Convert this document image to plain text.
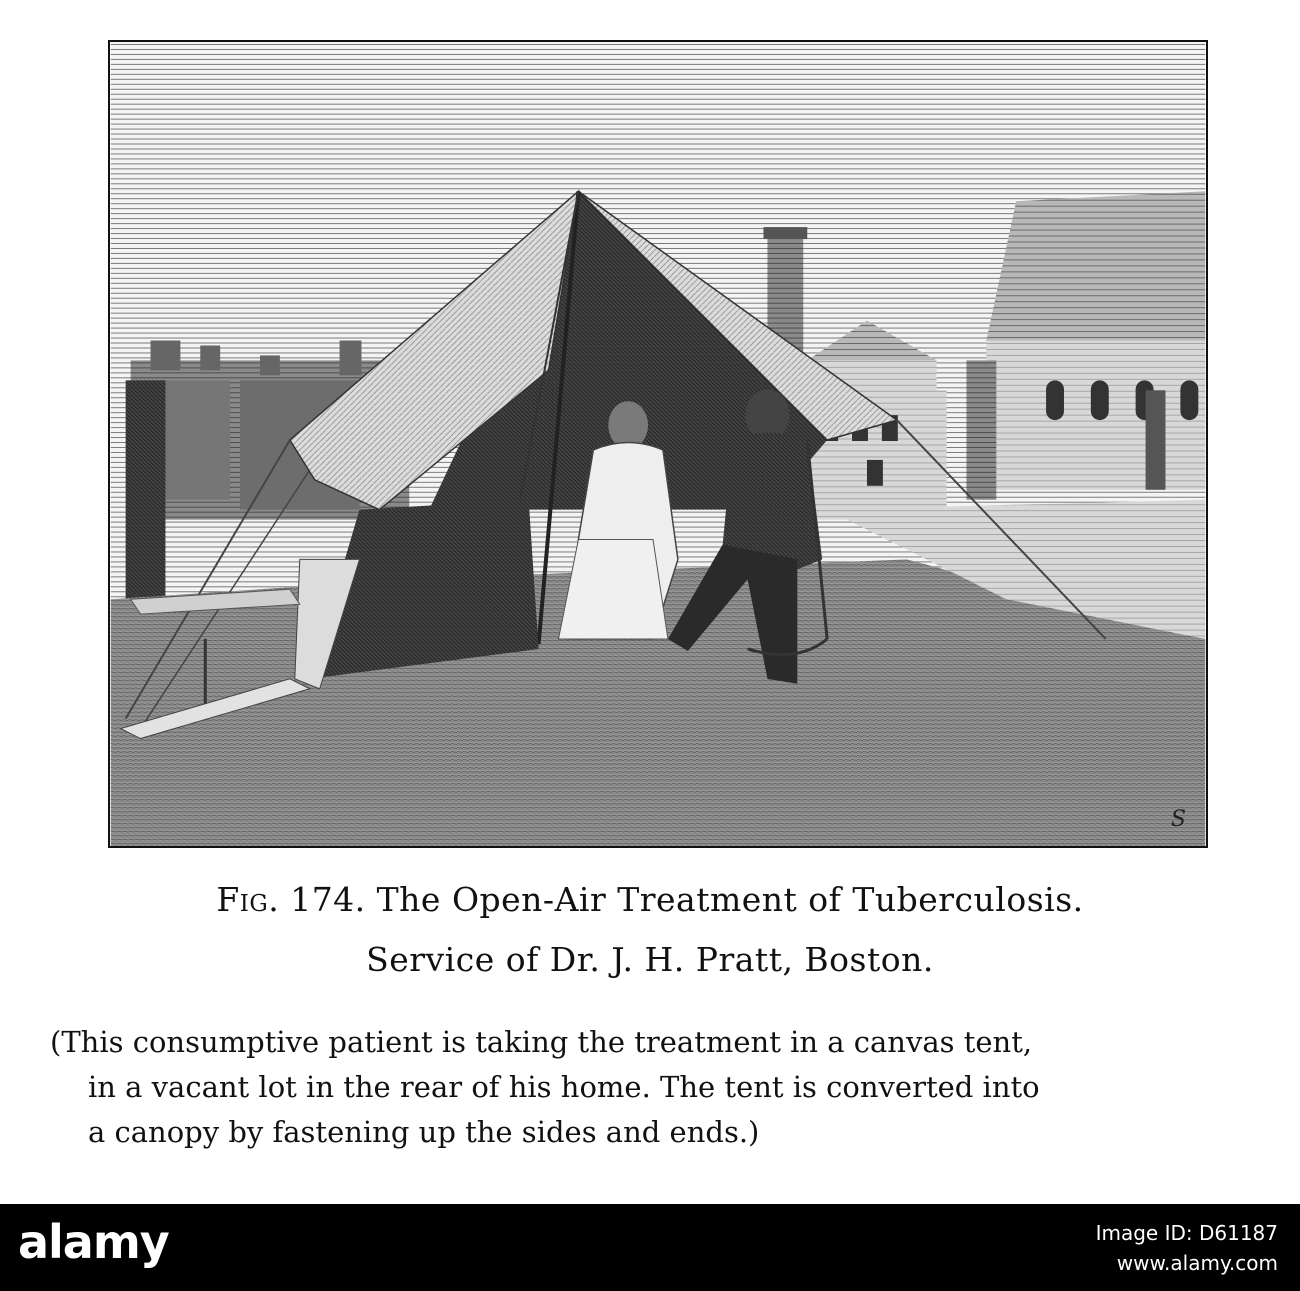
S
Fig. 174. The Open-Air Treatment of Tuberculosis.
Service of Dr. J. H. Pratt, Boston.
(This consumptive patient is taking the treatment in a canvas tent,
in a vacant lot in the rear of his home. The tent is converted into
a canopy by fastening up the sides and ends.)
alamy	Image ID: D61187
www.alamy.com
